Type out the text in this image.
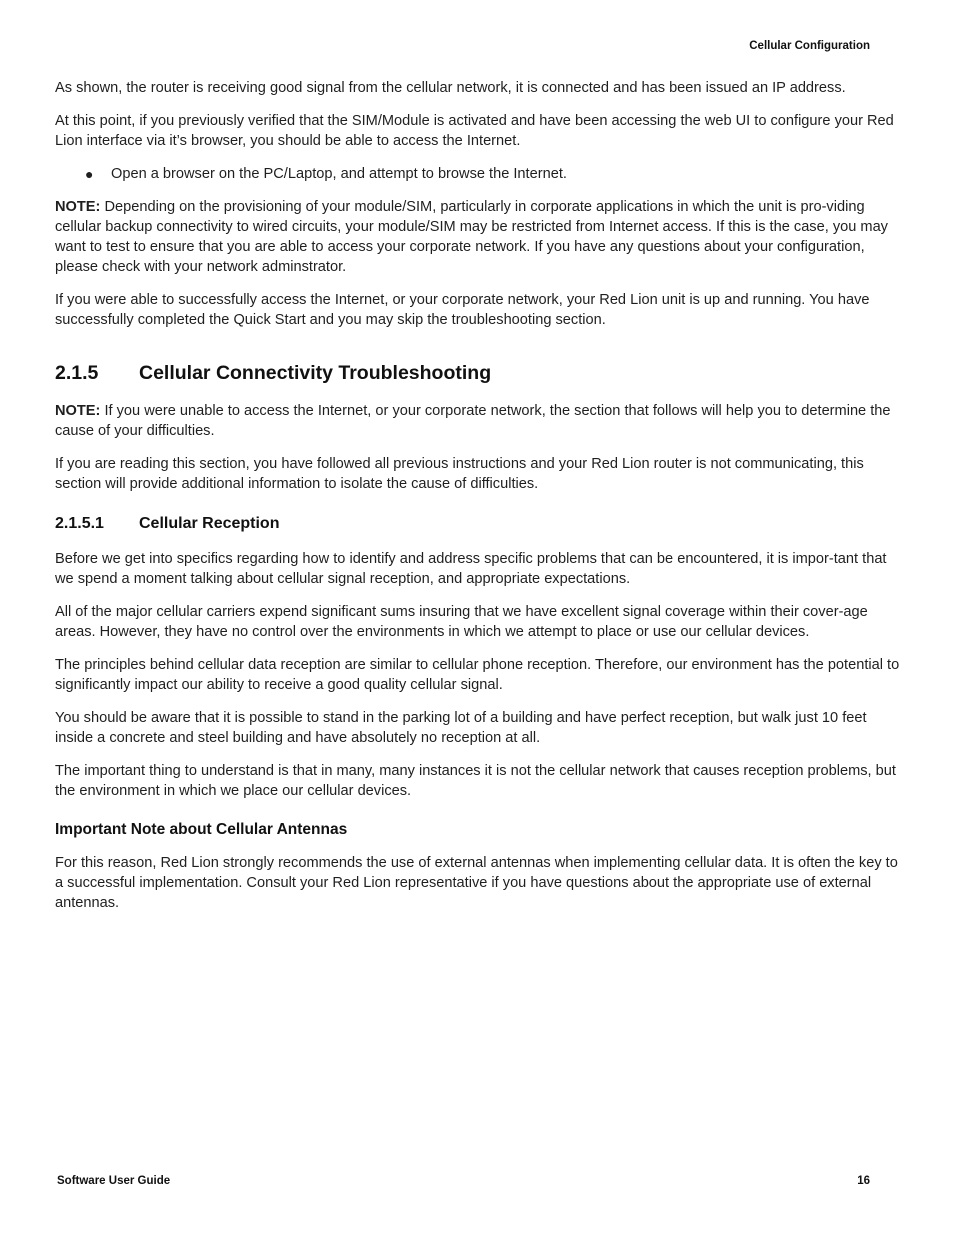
Cellular Configuration

As shown, the router is receiving good signal from the cellular network, it is connected and has been issued an IP address.

At this point, if you previously verified that the SIM/Module is activated and have been accessing the web UI to configure your Red Lion interface via it’s browser, you should be able to access the Internet.

● Open a browser on the PC/Laptop, and attempt to browse the Internet.

NOTE: Depending on the provisioning of your module/SIM, particularly in corporate applications in which the unit is pro-viding cellular backup connectivity to wired circuits, your module/SIM may be restricted from Internet access. If this is the case, you may want to test to ensure that you are able to access your corporate network. If you have any questions about your configuration, please check with your network adminstrator.

If you were able to successfully access the Internet, or your corporate network, your Red Lion unit is up and running. You have successfully completed the Quick Start and you may skip the troubleshooting section.

2.1.5	Cellular Connectivity Troubleshooting

NOTE: If you were unable to access the Internet, or your corporate network, the section that follows will help you to determine the cause of your difficulties.

If you are reading this section, you have followed all previous instructions and your Red Lion router is not communicating, this section will provide additional information to isolate the cause of difficulties.

2.1.5.1	Cellular Reception

Before we get into specifics regarding how to identify and address specific problems that can be encountered, it is impor-tant that we spend a moment talking about cellular signal reception, and appropriate expectations.

All of the major cellular carriers expend significant sums insuring that we have excellent signal coverage within their cover-age areas. However, they have no control over the environments in which we attempt to place or use our cellular devices.

The principles behind cellular data reception are similar to cellular phone reception. Therefore, our environment has the potential to significantly impact our ability to receive a good quality cellular signal.

You should be aware that it is possible to stand in the parking lot of a building and have perfect reception, but walk just 10 feet inside a concrete and steel building and have absolutely no reception at all.

The important thing to understand is that in many, many instances it is not the cellular network that causes reception problems, but the environment in which we place our cellular devices.

Important Note about Cellular Antennas

For this reason, Red Lion strongly recommends the use of external antennas when implementing cellular data. It is often the key to a successful implementation. Consult your Red Lion representative if you have questions about the appropriate use of external antennas.

Software User Guide	16
